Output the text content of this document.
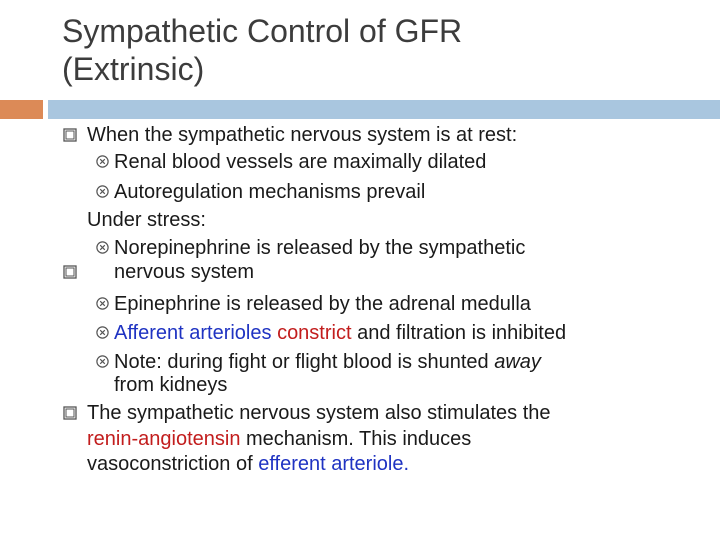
Sympathetic Control of GFR
(Extrinsic)
When the sympathetic nervous system is at rest:
Renal blood vessels are maximally dilated
Autoregulation mechanisms prevail
Under stress:
Norepinephrine is released by the sympathetic
nervous system
Epinephrine is released by the adrenal medulla
Afferent arterioles constrict and filtration is inhibited
Note: during fight or flight blood is shunted away
from kidneys
The sympathetic nervous system also stimulates the
renin-angiotensin mechanism. This induces
vasoconstriction of efferent arteriole.
